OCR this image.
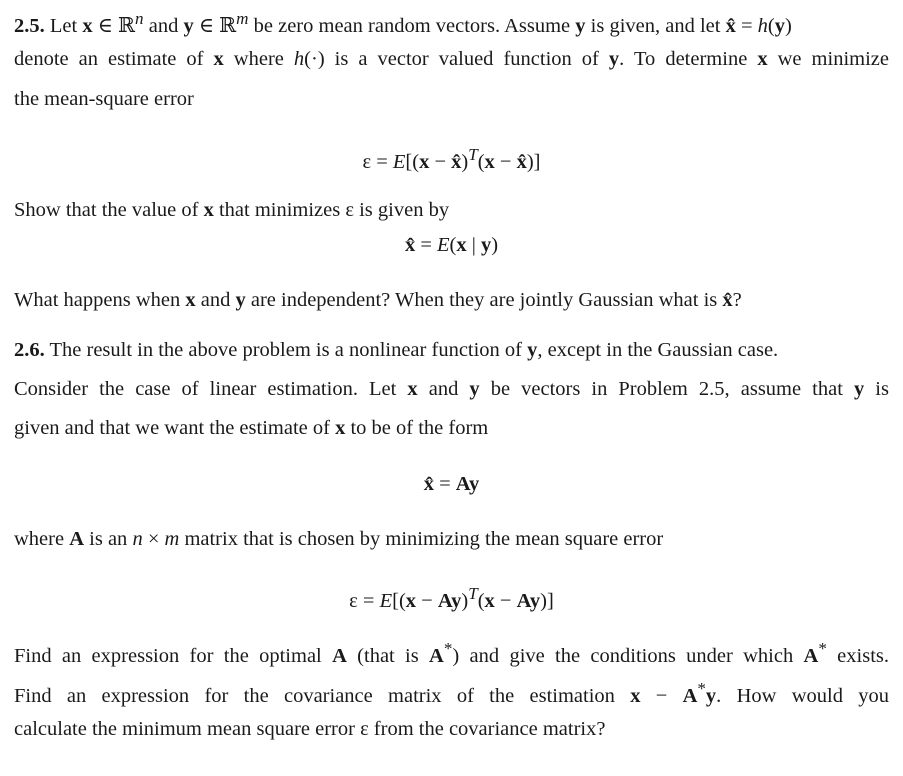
2.5. Let x ∈ ℝ$^n$ and y ∈ ℝ$^m$ be zero mean random vectors. Assume y is given, and let x̂ = h(y)
denote an estimate of x where h(·) is a vector valued function of y. To determine x we minimize
the mean-square error
ε = E[(x − x̂)$^T$(x − x̂)]
Show that the value of x that minimizes ε is given by
x̂ = E(x | y)
What happens when x and y are independent? When they are jointly Gaussian what is x̂?
2.6. The result in the above problem is a nonlinear function of y, except in the Gaussian case.
Consider the case of linear estimation. Let x and y be vectors in Problem 2.5, assume that y is
given and that we want the estimate of x to be of the form
x̂ = Ay
where A is an n × m matrix that is chosen by minimizing the mean square error
$\varepsilon = E[(x - Ay)^T(x - Ay)]$
Find an expression for the optimal A (that is A*) and give the conditions under which A* exists.
Find an expression for the covariance matrix of the estimation x − A*y. How would you
calculate the minimum mean square error ε from the covariance matrix?
